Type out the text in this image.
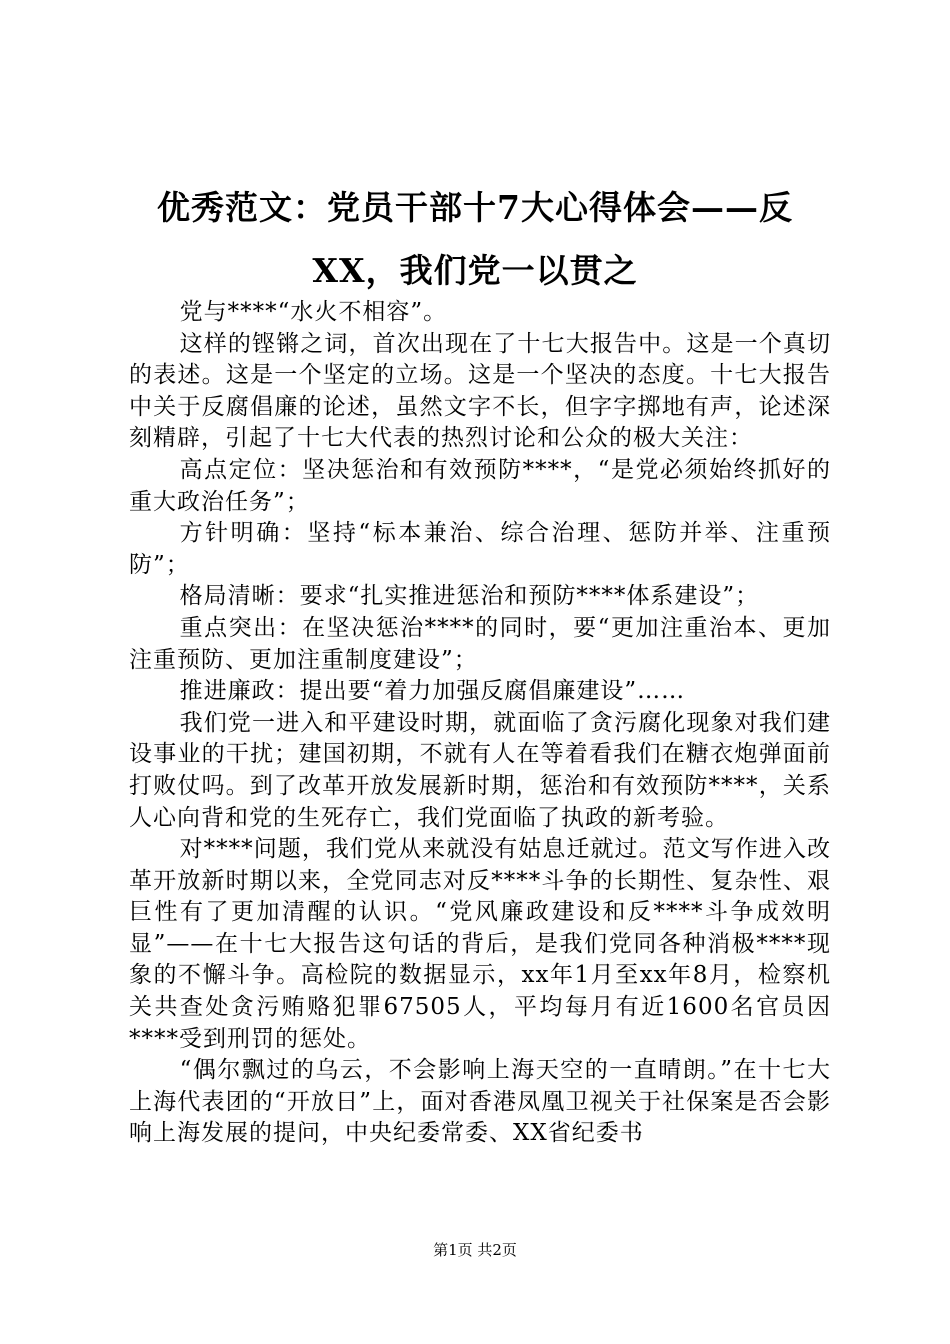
优秀范文：党员干部十7大心得体会——反
XX，我们党一以贯之

党与****“水火不相容”。

这样的铿锵之词，首次出现在了十七大报告中。这是一个真切的表述。这是一个坚定的立场。这是一个坚决的态度。十七大报告中关于反腐倡廉的论述，虽然文字不长，但字字掷地有声，论述深刻精辟，引起了十七大代表的热烈讨论和公众的极大关注：

高点定位：坚决惩治和有效预防****，“是党必须始终抓好的重大政治任务”；

方针明确：坚持“标本兼治、综合治理、惩防并举、注重预防”；

格局清晰：要求“扎实推进惩治和预防****体系建设”；

重点突出：在坚决惩治****的同时，要“更加注重治本、更加注重预防、更加注重制度建设”；

推进廉政：提出要“着力加强反腐倡廉建设”……

我们党一进入和平建设时期，就面临了贪污腐化现象对我们建设事业的干扰；建国初期，不就有人在等着看我们在糖衣炮弹面前打败仗吗。到了改革开放发展新时期，惩治和有效预防****，关系人心向背和党的生死存亡，我们党面临了执政的新考验。

对****问题，我们党从来就没有姑息迁就过。范文写作进入改革开放新时期以来，全党同志对反****斗争的长期性、复杂性、艰巨性有了更加清醒的认识。“党风廉政建设和反****斗争成效明显”——在十七大报告这句话的背后，是我们党同各种消极****现象的不懈斗争。高检院的数据显示，xx年1月至xx年8月，检察机关共查处贪污贿赂犯罪67505人，平均每月有近1600名官员因****受到刑罚的惩处。

“偶尔飘过的乌云，不会影响上海天空的一直晴朗。”在十七大上海代表团的“开放日”上，面对香港凤凰卫视关于社保案是否会影响上海发展的提问，中央纪委常委、XX省纪委书

第1页 共2页
